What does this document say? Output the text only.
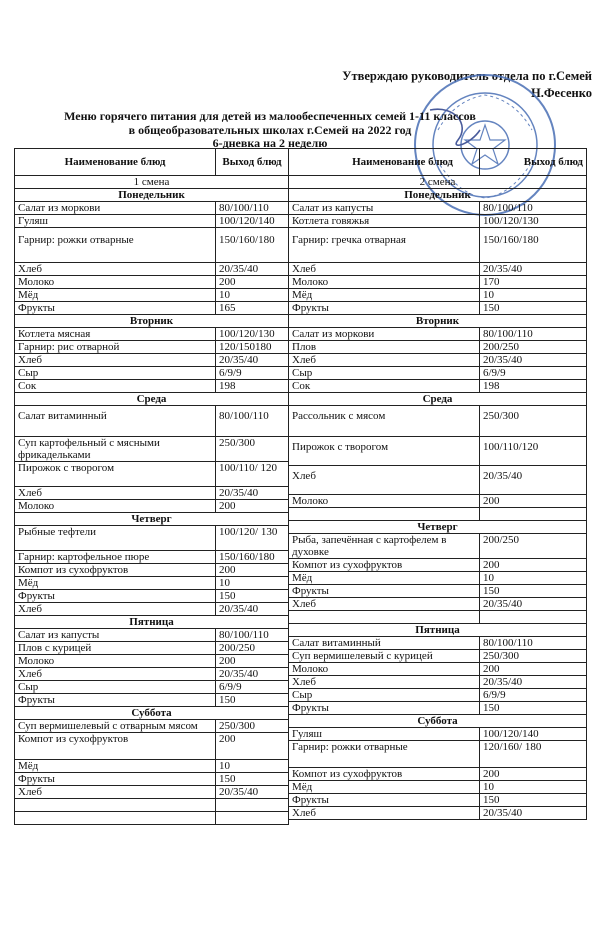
Утверждаю руководитель отдела по г.Семей
Н.Фесенко
Меню горячего питания для детей из малообеспеченных семей 1-11 классов
в общеобразовательных школах г.Семей на 2022 год
6-дневка на 2 неделю
Наименование блюд	Выход блюд
1 смена	
Понедельник	
Салат из моркови	80/100/110
Гуляш	100/120/140
Гарнир: рожки отварные	150/160/180
Хлеб	20/35/40
Молоко	200
Мёд	10
Фрукты	165
Вторник	
Котлета мясная	100/120/130
Гарнир: рис отварной	120/150180
Хлеб	20/35/40
Сыр	6/9/9
Сок	198
Среда	
Салат витаминный	80/100/110
Суп картофельный с мясными фрикадельками	250/300
Пирожок с творогом	100/110/ 120
Хлеб	20/35/40
Молоко	200
Четверг	
Рыбные тефтели	100/120/ 130
Гарнир: картофельное пюре	150/160/180
Компот из сухофруктов	200
Мёд	10
Фрукты	150
Хлеб	20/35/40
Пятница	
Салат из капусты	80/100/110
Плов с курицей	200/250
Молоко	200
Хлеб	20/35/40
Сыр	6/9/9
Фрукты	150
Суббота	
Суп вермишелевый с отварным мясом	250/300
Компот из сухофруктов	200
Мёд	10
Фрукты	150
Хлеб	20/35/40

Наименование блюд	Выход блюд
2 смена	
Понедельник	
Салат из капусты	80/100/110
Котлета говяжья	100/120/130
Гарнир: гречка отварная	150/160/180
Хлеб	20/35/40
Молоко	170
Мёд	10
Фрукты	150
Вторник	
Салат из моркови	80/100/110
Плов	200/250
Хлеб	20/35/40
Сыр	6/9/9
Сок	198
Среда	
Рассольник с мясом	250/300
Пирожок с творогом	100/110/120
Хлеб	20/35/40
Молоко	200

Четверг	
Рыба, запечённая с картофелем в духовке	200/250
Компот из сухофруктов	200
Мёд	10
Фрукты	150
Хлеб	20/35/40

Пятница	
Салат витаминный	80/100/110
Суп вермишелевый с курицей	250/300
Молоко	200
Хлеб	20/35/40
Сыр	6/9/9
Фрукты	150
Суббота	
Гуляш	100/120/140
Гарнир: рожки отварные	120/160/ 180
Компот из сухофруктов	200
Мёд	10
Фрукты	150
Хлеб	20/35/40
